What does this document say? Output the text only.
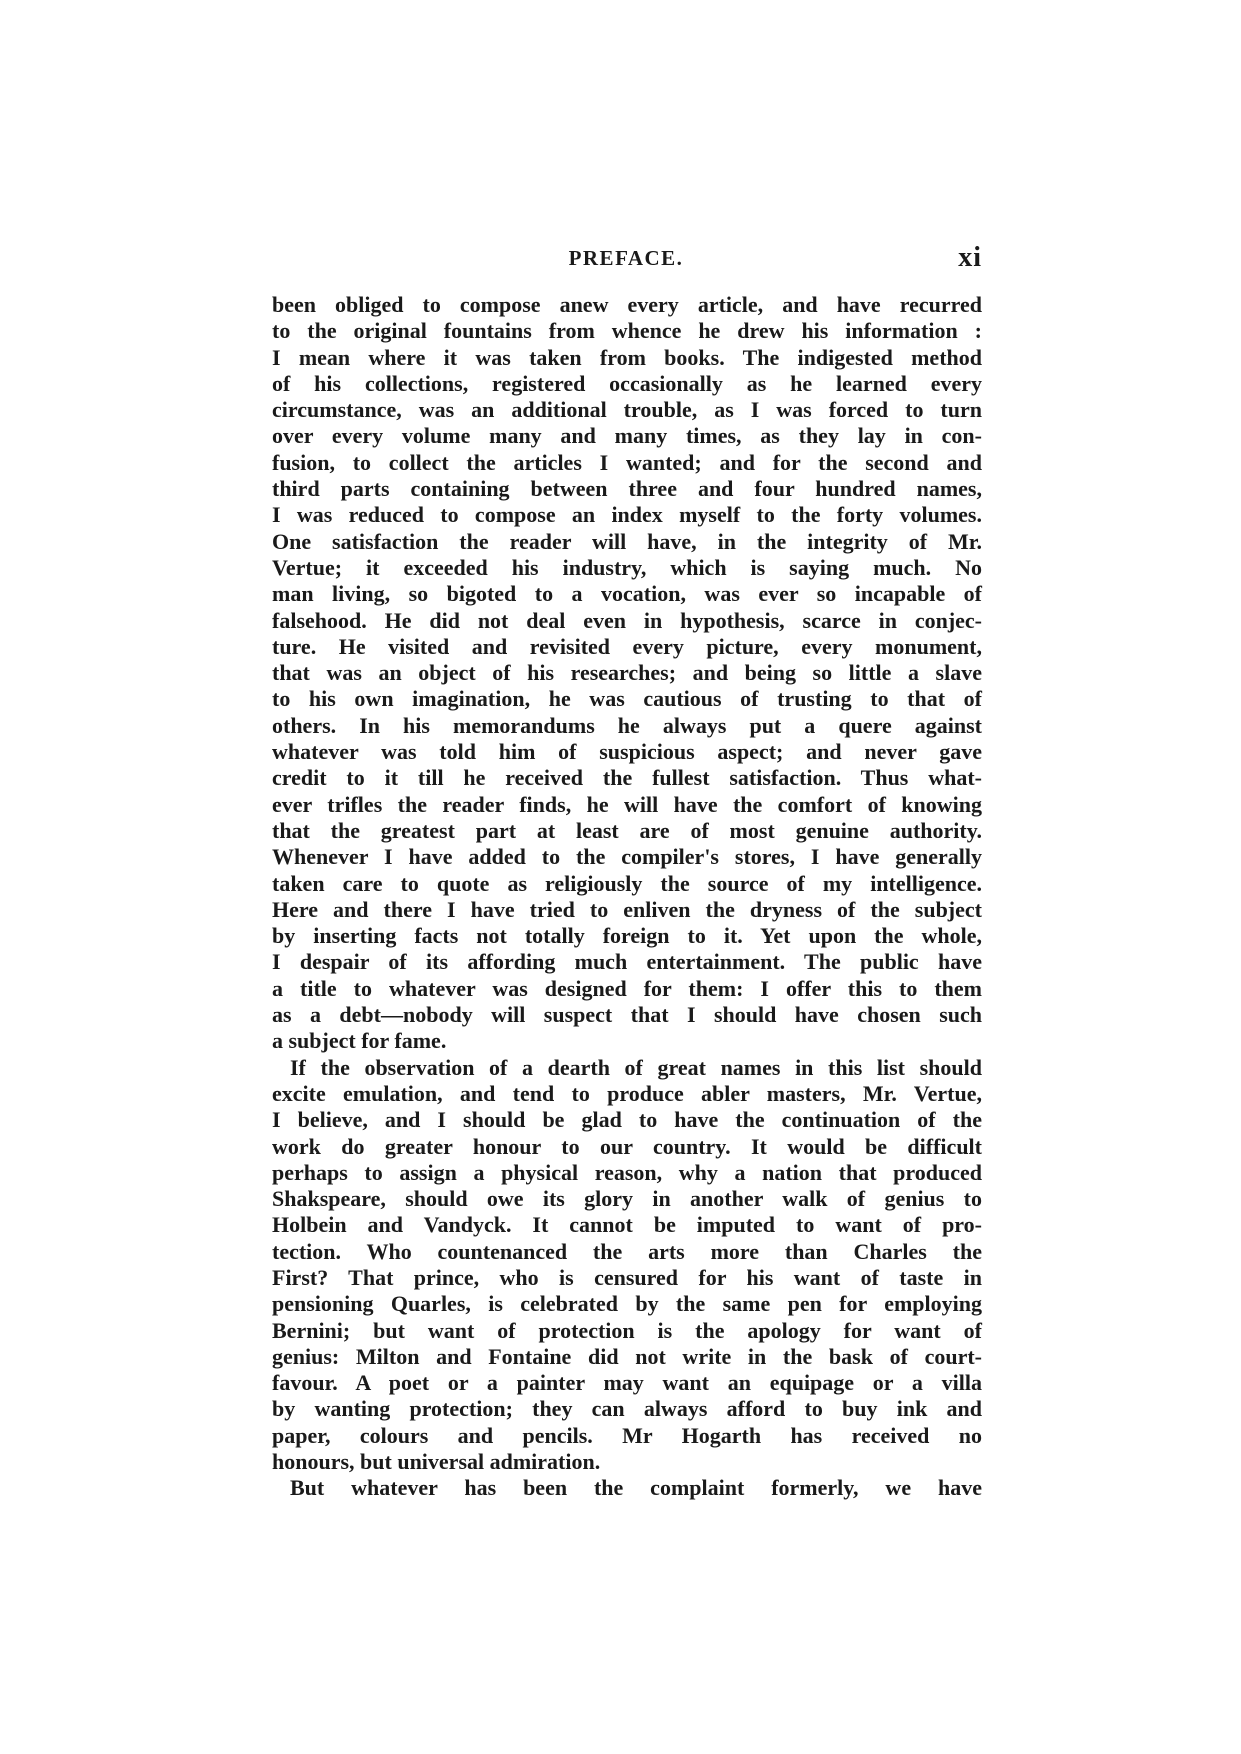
PREFACE.	xi
been obliged to compose anew every article, and have recurred
to the original fountains from whence he drew his information :
I mean where it was taken from books. The indigested method
of his collections, registered occasionally as he learned every
circumstance, was an additional trouble, as I was forced to turn
over every volume many and many times, as they lay in con-
fusion, to collect the articles I wanted; and for the second and
third parts containing between three and four hundred names,
I was reduced to compose an index myself to the forty volumes.
One satisfaction the reader will have, in the integrity of Mr.
Vertue; it exceeded his industry, which is saying much. No
man living, so bigoted to a vocation, was ever so incapable of
falsehood. He did not deal even in hypothesis, scarce in conjec-
ture. He visited and revisited every picture, every monument,
that was an object of his researches; and being so little a slave
to his own imagination, he was cautious of trusting to that of
others. In his memorandums he always put a quere against
whatever was told him of suspicious aspect; and never gave
credit to it till he received the fullest satisfaction. Thus what-
ever trifles the reader finds, he will have the comfort of knowing
that the greatest part at least are of most genuine authority.
Whenever I have added to the compiler's stores, I have generally
taken care to quote as religiously the source of my intelligence.
Here and there I have tried to enliven the dryness of the subject
by inserting facts not totally foreign to it. Yet upon the whole,
I despair of its affording much entertainment. The public have
a title to whatever was designed for them: I offer this to them
as a debt—nobody will suspect that I should have chosen such
a subject for fame.
If the observation of a dearth of great names in this list should
excite emulation, and tend to produce abler masters, Mr. Vertue,
I believe, and I should be glad to have the continuation of the
work do greater honour to our country. It would be difficult
perhaps to assign a physical reason, why a nation that produced
Shakspeare, should owe its glory in another walk of genius to
Holbein and Vandyck. It cannot be imputed to want of pro-
tection. Who countenanced the arts more than Charles the
First? That prince, who is censured for his want of taste in
pensioning Quarles, is celebrated by the same pen for employing
Bernini; but want of protection is the apology for want of
genius: Milton and Fontaine did not write in the bask of court-
favour. A poet or a painter may want an equipage or a villa
by wanting protection; they can always afford to buy ink and
paper, colours and pencils. Mr Hogarth has received no
honours, but universal admiration.
But whatever has been the complaint formerly, we have
